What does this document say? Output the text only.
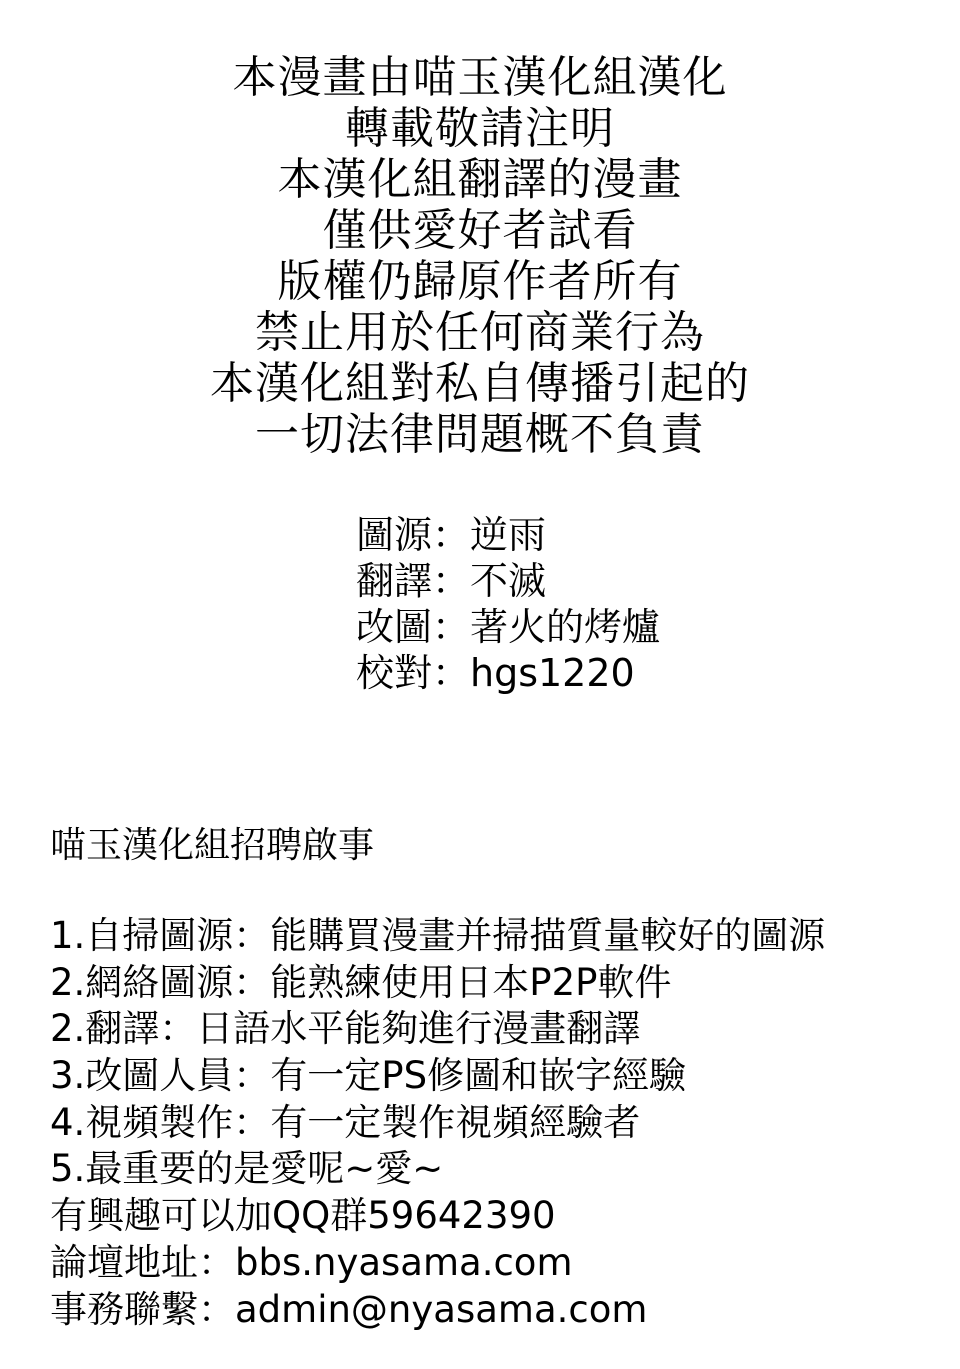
本漫畫由喵玉漢化組漢化
轉載敬請注明
本漢化組翻譯的漫畫
僅供愛好者試看
版權仍歸原作者所有
禁止用於任何商業行為
本漢化組對私自傳播引起的
一切法律問題概不負責
圖源：逆雨
翻譯：不滅
改圖：著火的烤爐
校對：hgs1220
喵玉漢化組招聘啟事
1.自掃圖源：能購買漫畫并掃描質量較好的圖源
2.網絡圖源：能熟練使用日本P2P軟件
2.翻譯：日語水平能夠進行漫畫翻譯
3.改圖人員：有一定PS修圖和嵌字經驗
4.視頻製作：有一定製作視頻經驗者
5.最重要的是愛呢~愛~
有興趣可以加QQ群59642390
論壇地址：bbs.nyasama.com
事務聯繫：admin@nyasama.com
